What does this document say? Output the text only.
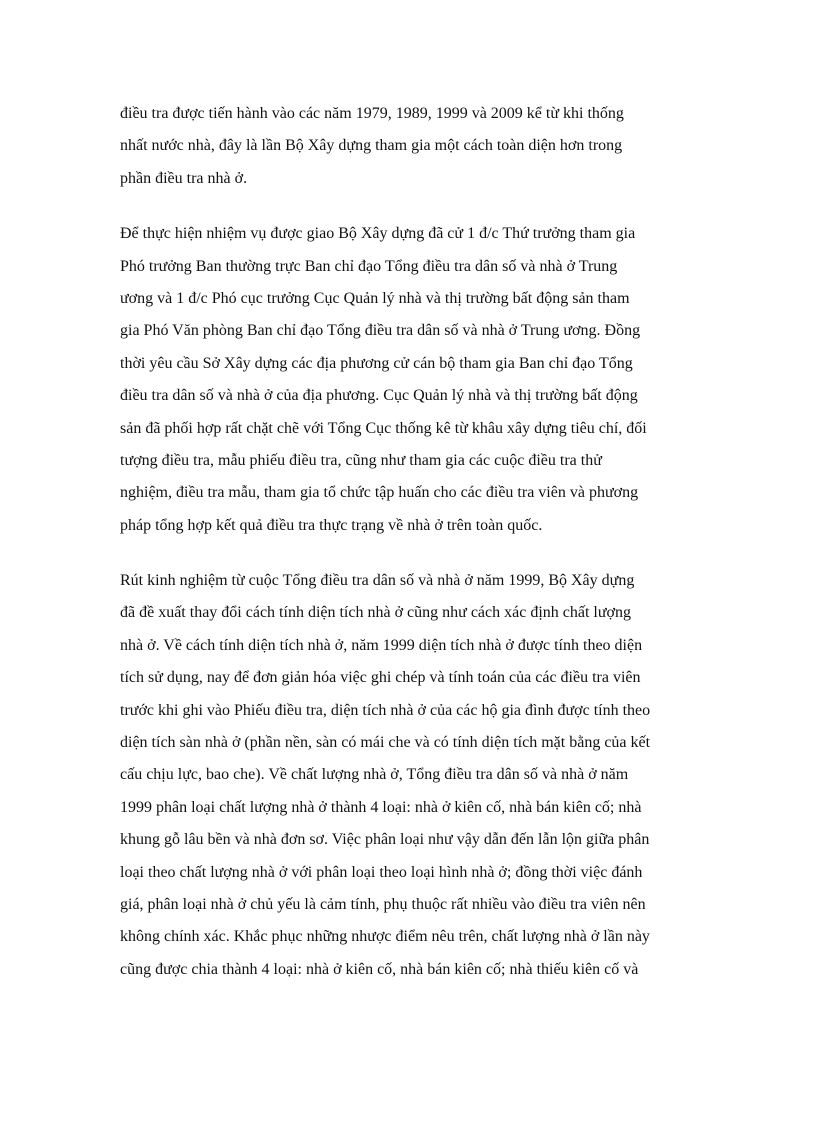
điều tra được tiến hành vào các năm 1979, 1989, 1999 và 2009 kể từ khi thống
nhất nước nhà, đây là lần Bộ Xây dựng tham gia một cách toàn diện hơn trong
phần điều tra nhà ở.
Để thực hiện nhiệm vụ được giao Bộ Xây dựng đã cử 1 đ/c Thứ trưởng tham gia
Phó trưởng Ban thường trực Ban chỉ đạo Tổng điều tra dân số và nhà ở Trung
ương và 1 đ/c Phó cục trưởng Cục Quản lý nhà và thị trường bất động sản tham
gia Phó Văn phòng Ban chỉ đạo Tổng điều tra dân số và nhà ở Trung ương. Đồng
thời yêu cầu Sở Xây dựng các địa phương cử cán bộ tham gia Ban chỉ đạo Tổng
điều tra dân số và nhà ở của địa phương. Cục Quản lý nhà và thị trường bất động
sản đã phối hợp rất chặt chẽ với Tổng Cục thống kê từ khâu xây dựng tiêu chí, đối
tượng điều tra, mẫu phiếu điều tra, cũng như tham gia các cuộc điều tra thử
nghiệm, điều tra mẫu, tham gia tổ chức tập huấn cho các điều tra viên và phương
pháp tổng hợp kết quả điều tra thực trạng về nhà ở trên toàn quốc.
Rút kinh nghiệm từ cuộc Tổng điều tra dân số và nhà ở năm 1999, Bộ Xây dựng
đã đề xuất thay đổi cách tính diện tích nhà ở cũng như cách xác định chất lượng
nhà ở. Về cách tính diện tích nhà ở, năm 1999 diện tích nhà ở được tính theo diện
tích sử dụng, nay để đơn giản hóa việc ghi chép và tính toán của các điều tra viên
trước khi ghi vào Phiếu điều tra, diện tích nhà ở của các hộ gia đình được tính theo
diện tích sàn nhà ở (phần nền, sàn có mái che và có tính diện tích mặt bằng của kết
cấu chịu lực, bao che). Về chất lượng nhà ở, Tổng điều tra dân số và nhà ở năm
1999 phân loại chất lượng nhà ở thành 4 loại: nhà ở kiên cố, nhà bán kiên cố; nhà
khung gỗ lâu bền và nhà đơn sơ. Việc phân loại như vậy dẫn đến lẫn lộn giữa phân
loại theo chất lượng nhà ở với phân loại theo loại hình nhà ở; đồng thời việc đánh
giá, phân loại nhà ở chủ yếu là cảm tính, phụ thuộc rất nhiều vào điều tra viên nên
không chính xác. Khắc phục những nhược điểm nêu trên, chất lượng nhà ở lần này
cũng được chia thành 4 loại: nhà ở kiên cố, nhà bán kiên cố; nhà thiếu kiên cố và
